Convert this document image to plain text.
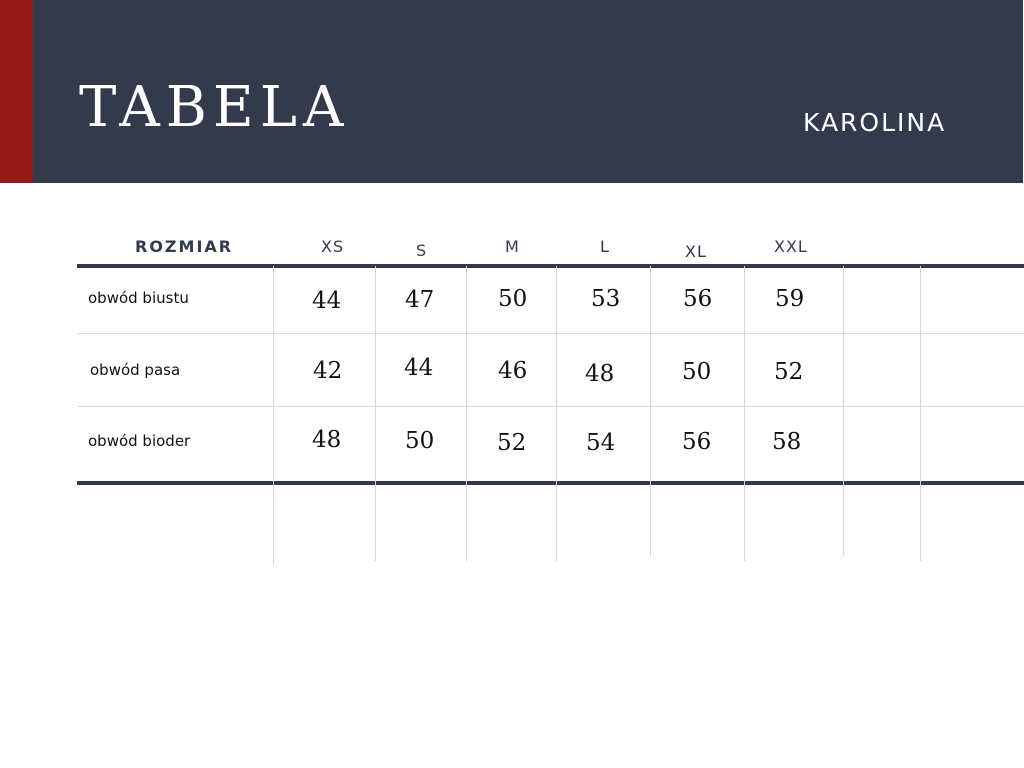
TABELA	KAROLINA
ROZMIAR	XS	S	M	L	XL	XXL
obwód biustu	44	47	50	53	56	59
obwód pasa	42	44	46	48	50	52
obwód bioder	48	50	52	54	56	58
